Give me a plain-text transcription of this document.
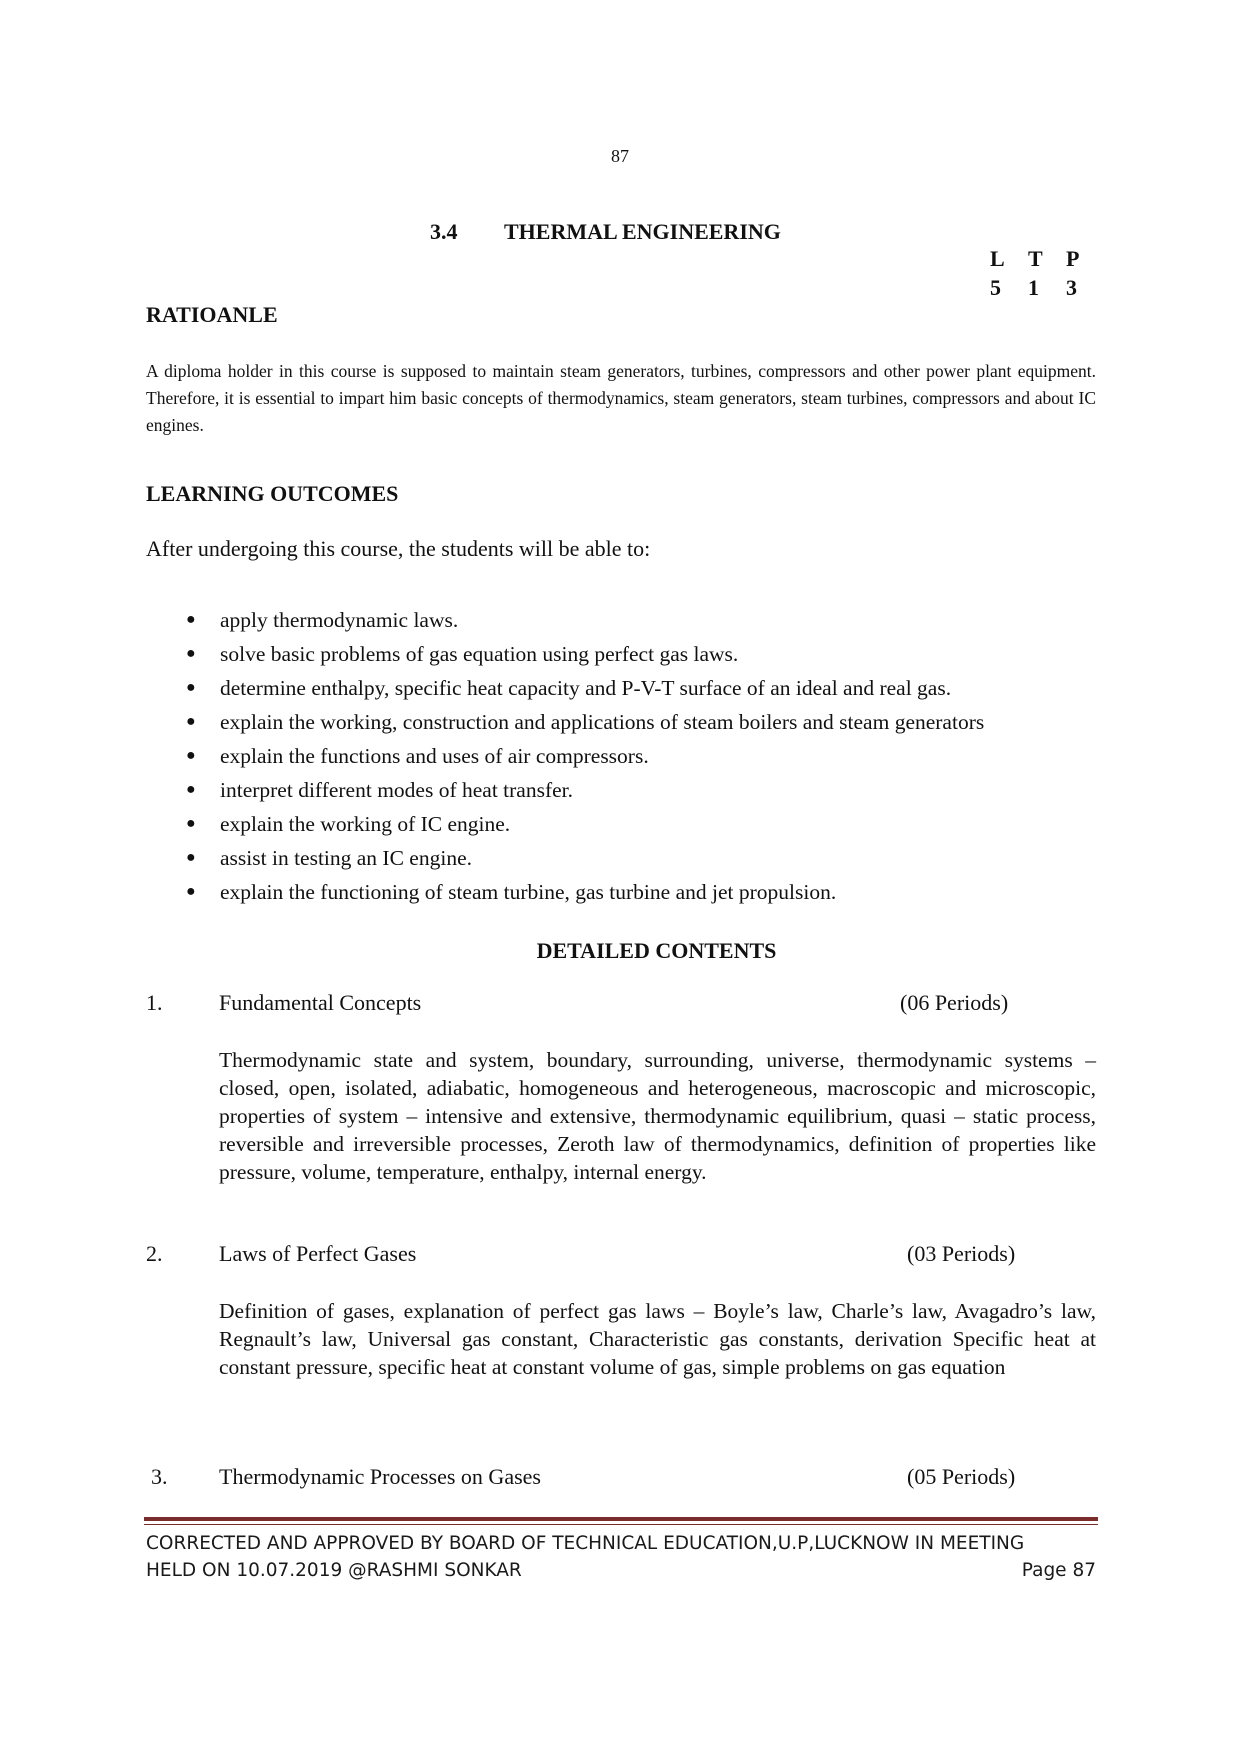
87
3.4 THERMAL ENGINEERING
L	T	P
5	1	3
RATIOANLE
A diploma holder in this course is supposed to maintain steam generators, turbines, compressors and other power plant equipment. Therefore, it is essential to impart him basic concepts of thermodynamics, steam generators, steam turbines, compressors and about IC engines.
LEARNING OUTCOMES
After undergoing this course, the students will be able to:
● apply thermodynamic laws.
● solve basic problems of gas equation using perfect gas laws.
● determine enthalpy, specific heat capacity and P-V-T surface of an ideal and real gas.
● explain the working, construction and applications of steam boilers and steam generators
● explain the functions and uses of air compressors.
● interpret different modes of heat transfer.
● explain the working of IC engine.
● assist in testing an IC engine.
● explain the functioning of steam turbine, gas turbine and jet propulsion.
DETAILED CONTENTS
1.	Fundamental Concepts	(06 Periods)
Thermodynamic state and system, boundary, surrounding, universe, thermodynamic systems – closed, open, isolated, adiabatic, homogeneous and heterogeneous, macroscopic and microscopic, properties of system – intensive and extensive, thermodynamic equilibrium, quasi – static process, reversible and irreversible processes, Zeroth law of thermodynamics, definition of properties like pressure, volume, temperature, enthalpy, internal energy.
2.	Laws of Perfect Gases	(03 Periods)
Definition of gases, explanation of perfect gas laws – Boyle’s law, Charle’s law, Avagadro’s law, Regnault’s law, Universal gas constant, Characteristic gas constants, derivation Specific heat at constant pressure, specific heat at constant volume of gas, simple problems on gas equation
3. Thermodynamic Processes on Gases	(05 Periods)
CORRECTED AND APPROVED BY BOARD OF TECHNICAL EDUCATION,U.P,LUCKNOW IN MEETING
HELD ON 10.07.2019 @RASHMI SONKAR	Page 87
